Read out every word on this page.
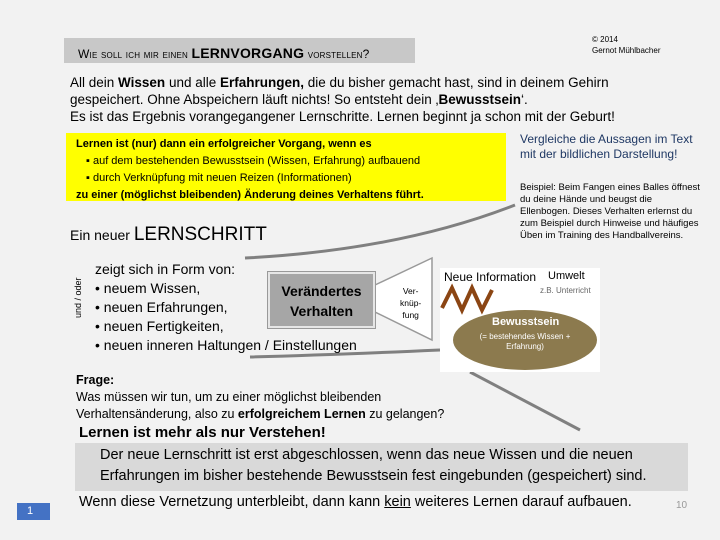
Wie soll ich mir einen LERNVORGANG vorstellen?
© 2014
Gernot Mühlbacher
All dein Wissen und alle Erfahrungen, die du bisher gemacht hast, sind in deinem Gehirn
gespeichert. Ohne Abspeichern läuft nichts! So entsteht dein ‚Bewusstsein‘.
Es ist das Ergebnis vorangegangener Lernschritte. Lernen beginnt ja schon mit der Geburt!
Lernen ist (nur) dann ein erfolgreicher Vorgang, wenn es
▪ auf dem bestehenden Bewusstsein (Wissen, Erfahrung) aufbauend
▪ durch Verknüpfung mit neuen Reizen (Informationen)
zu einer (möglichst bleibenden) Änderung deines Verhaltens führt.
Neue Information Umwelt
z.B. Unterricht
Bewusstsein
(= bestehendes Wissen + Erfahrung)
Vergleiche die Aussagen im Text mit der bildlichen Darstellung!
Beispiel: Beim Fangen eines Balles öffnest du deine Hände und beugst die Ellenbogen. Dieses Verhalten erlernst du zum Beispiel durch Hinweise und häufiges Üben im Training des Handballvereins.
Ein neuer LERNSCHRITT
zeigt sich in Form von:
• neuem Wissen,
• neuen Erfahrungen,
• neuen Fertigkeiten,
• neuen inneren Haltungen / Einstellungen
und / oder	Verändertes
Verhalten
Ver-
knüp-
fung
Frage:
Was müssen wir tun, um zu einer möglichst bleibenden
Verhaltensänderung, also zu erfolgreichem Lernen zu gelangen?
Lernen ist mehr als nur Verstehen!
Der neue Lernschritt ist erst abgeschlossen, wenn das neue Wissen und die neuen
Erfahrungen im bisher bestehende Bewusstsein fest eingebunden (gespeichert) sind.
Wenn diese Vernetzung unterbleibt, dann kann kein weiteres Lernen darauf aufbauen.	10
1
